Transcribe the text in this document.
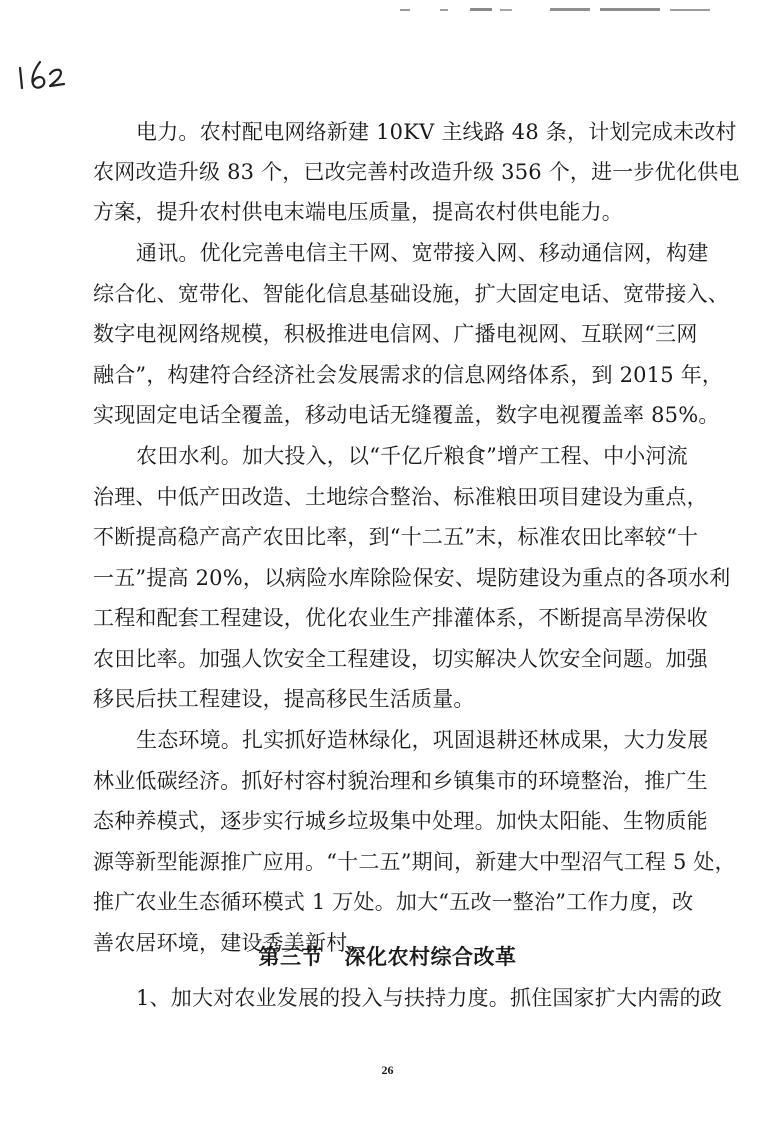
电力。农村配电网络新建 10KV 主线路 48 条，计划完成未改村
农网改造升级 83 个，已改完善村改造升级 356 个，进一步优化供电
方案，提升农村供电末端电压质量，提高农村供电能力。
通讯。优化完善电信主干网、宽带接入网、移动通信网，构建
综合化、宽带化、智能化信息基础设施，扩大固定电话、宽带接入、
数字电视网络规模，积极推进电信网、广播电视网、互联网“三网
融合”，构建符合经济社会发展需求的信息网络体系，到 2015 年，
实现固定电话全覆盖，移动电话无缝覆盖，数字电视覆盖率 85%。
农田水利。加大投入，以“千亿斤粮食”增产工程、中小河流
治理、中低产田改造、土地综合整治、标准粮田项目建设为重点，
不断提高稳产高产农田比率，到“十二五”末，标准农田比率较“十
一五”提高 20%，以病险水库除险保安、堤防建设为重点的各项水利
工程和配套工程建设，优化农业生产排灌体系，不断提高旱涝保收
农田比率。加强人饮安全工程建设，切实解决人饮安全问题。加强
移民后扶工程建设，提高移民生活质量。
生态环境。扎实抓好造林绿化，巩固退耕还林成果，大力发展
林业低碳经济。抓好村容村貌治理和乡镇集市的环境整治，推广生
态种养模式，逐步实行城乡垃圾集中处理。加快太阳能、生物质能
源等新型能源推广应用。“十二五”期间，新建大中型沼气工程 5 处，
推广农业生态循环模式 1 万处。加大“五改一整治”工作力度，改
善农居环境，建设秀美新村。
第三节　深化农村综合改革
1、加大对农业发展的投入与扶持力度。抓住国家扩大内需的政
26
